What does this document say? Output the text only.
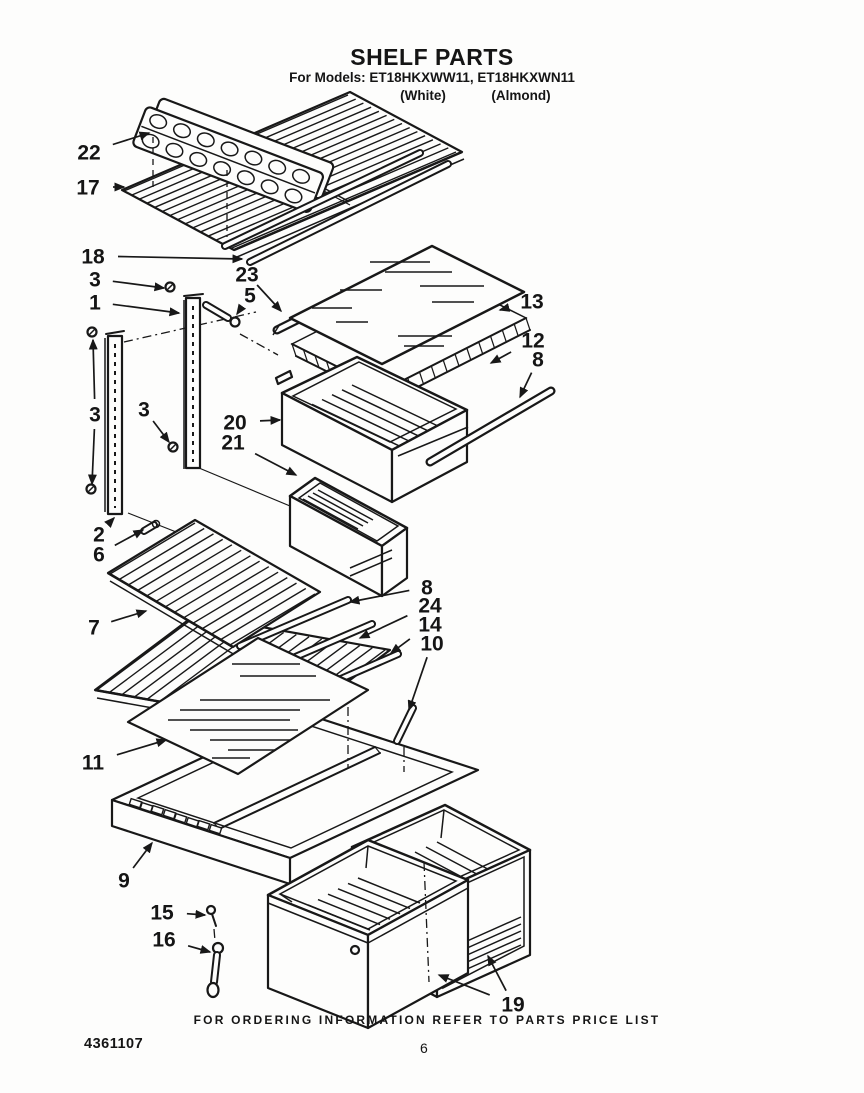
SHELF PARTS
For Models: ET18HKXWW11, ET18HKXWN11
(White)	(Almond)
22
17
18
3
1
23
5	13
12
8
3 3
20
21
2
6
7
8
24
14
10
11
9
15
16
19
FOR ORDERING INFORMATION REFER TO PARTS PRICE LIST
4361107	6
